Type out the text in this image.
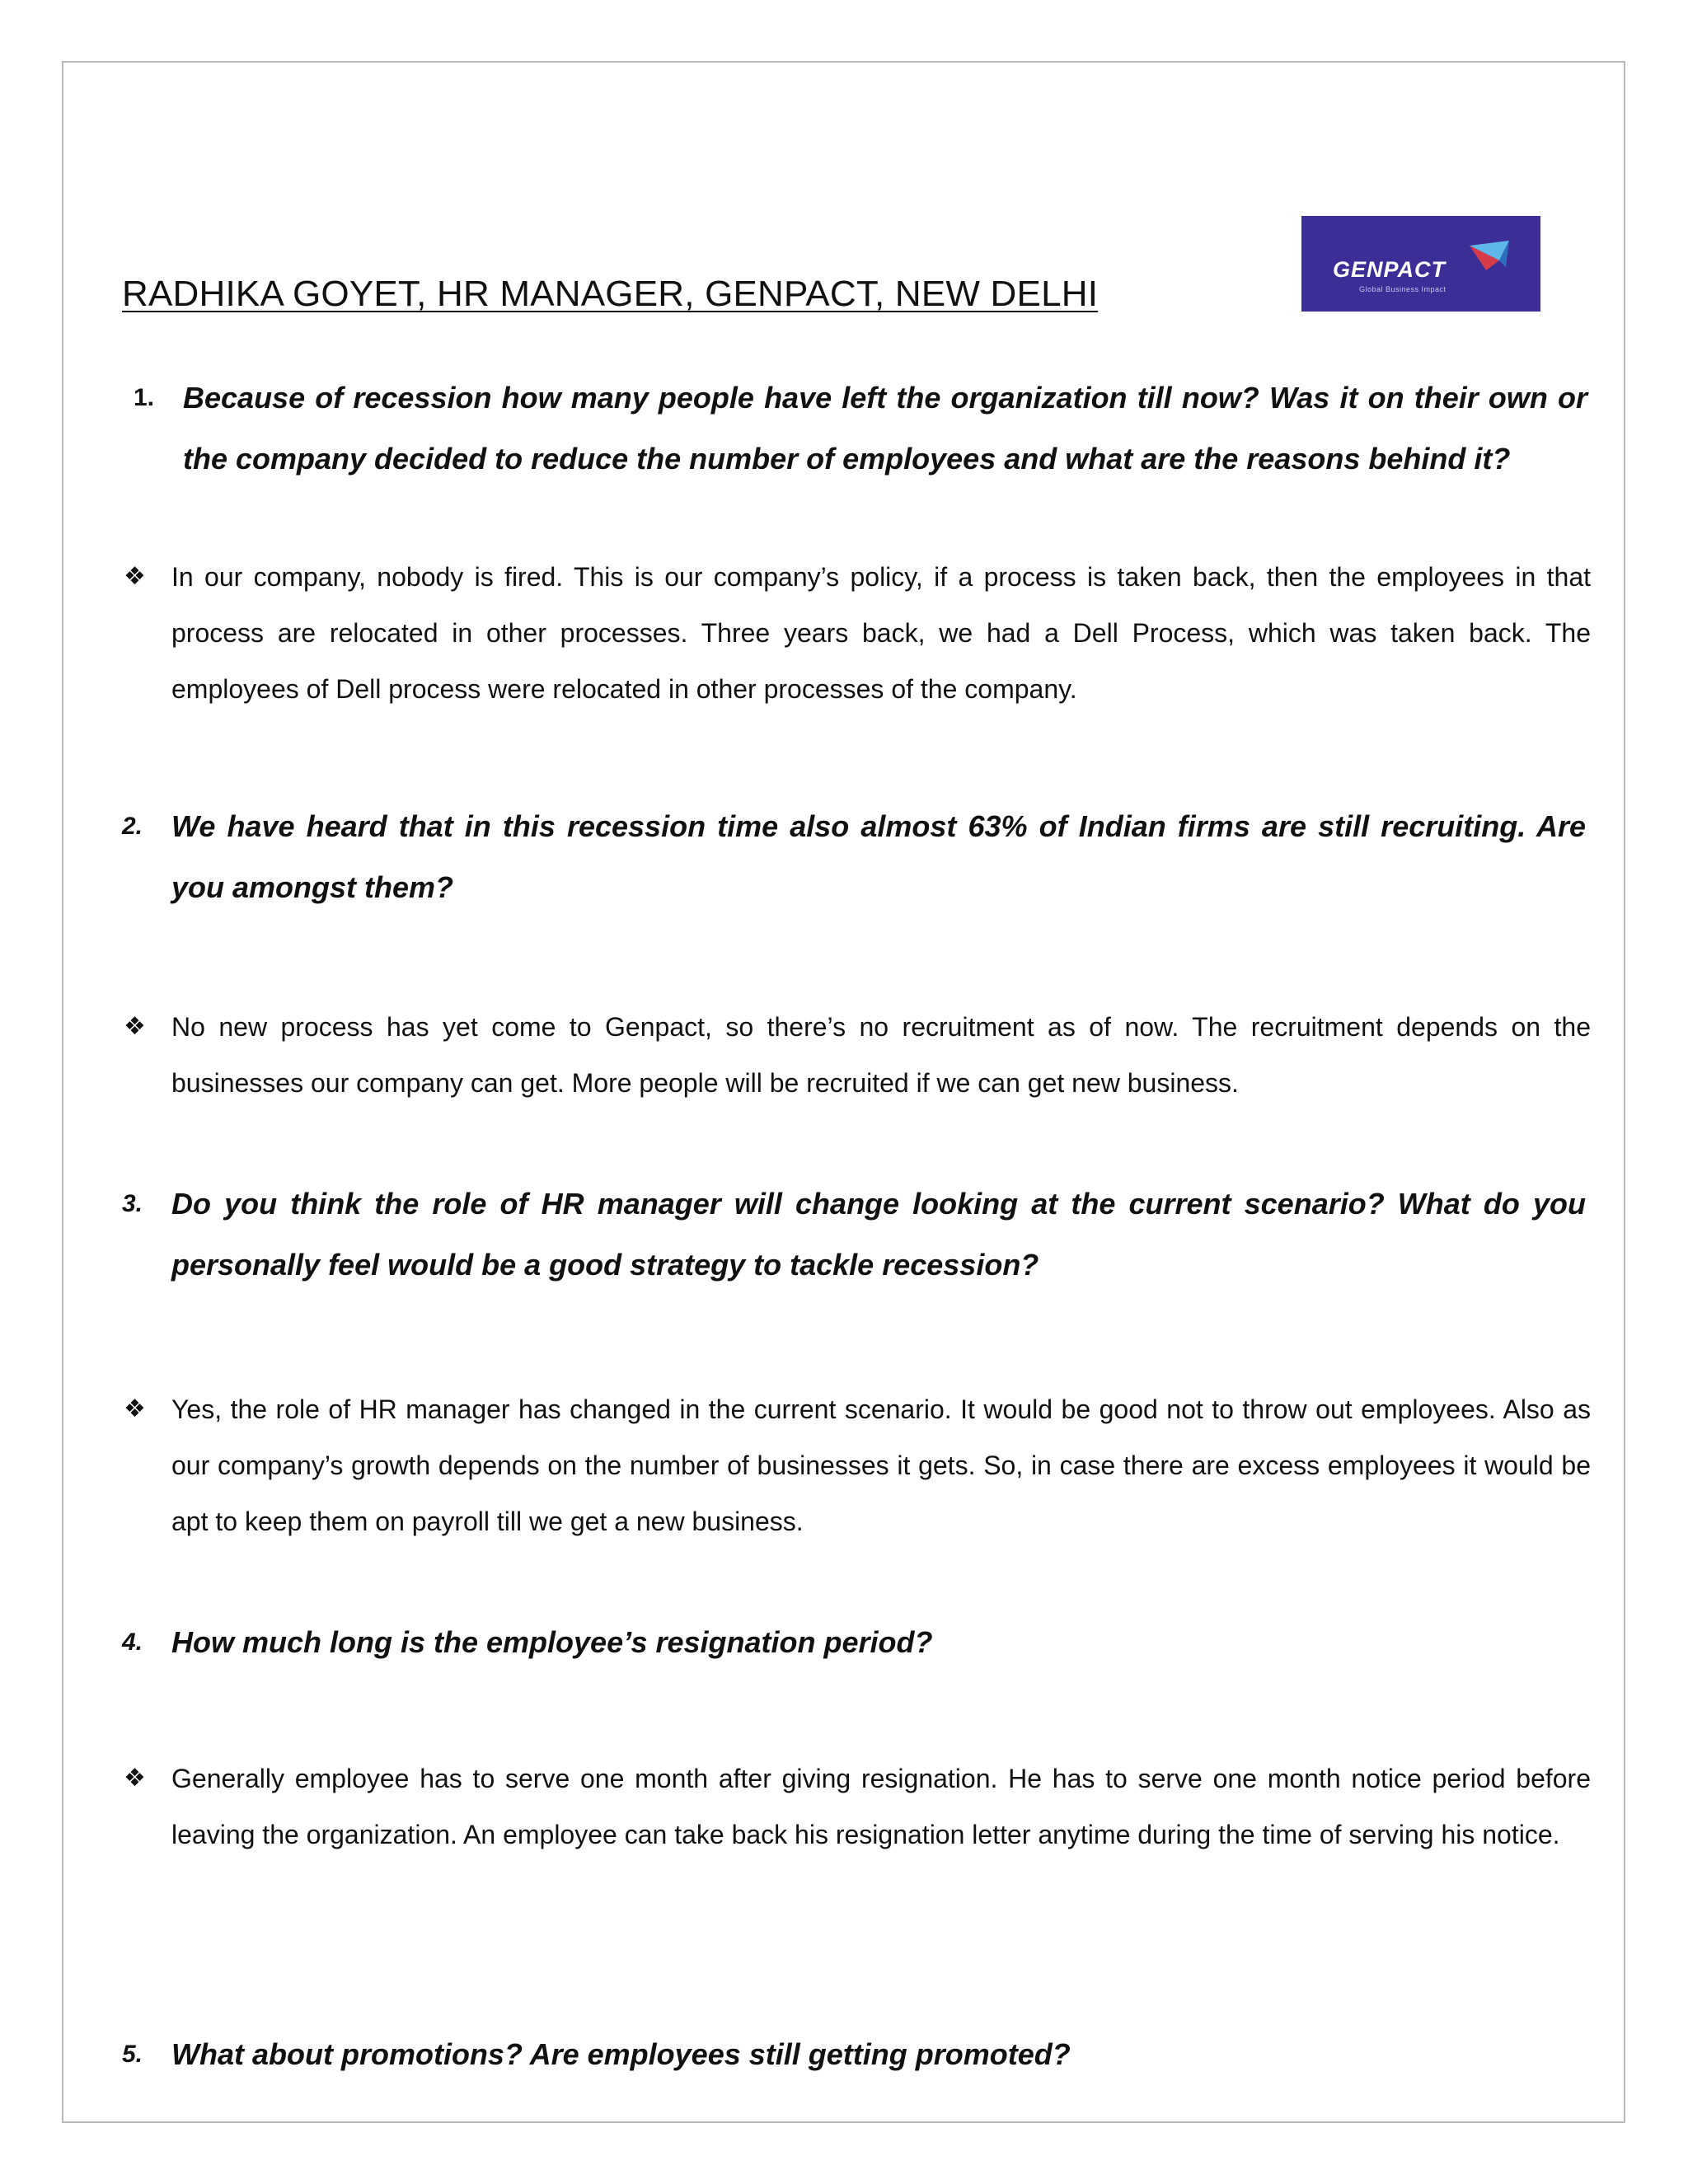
RADHIKA GOYET, HR MANAGER, GENPACT, NEW DELHI
GENPACT
Global Business Impact
1. Because of recession how many people have left the organization till now? Was it on their own or the company decided to reduce the number of employees and what are the reasons behind it?
❖ In our company, nobody is fired. This is our company’s policy, if a process is taken back, then the employees in that process are relocated in other processes. Three years back, we had a Dell Process, which was taken back. The employees of Dell process were relocated in other processes of the company.
2. We have heard that in this recession time also almost 63% of Indian firms are still recruiting. Are you amongst them?
❖ No new process has yet come to Genpact, so there’s no recruitment as of now. The recruitment depends on the businesses our company can get. More people will be recruited if we can get new business.
3. Do you think the role of HR manager will change looking at the current scenario? What do you personally feel would be a good strategy to tackle recession?
❖ Yes, the role of HR manager has changed in the current scenario. It would be good not to throw out employees. Also as our company’s growth depends on the number of businesses it gets. So, in case there are excess employees it would be apt to keep them on payroll till we get a new business.
4. How much long is the employee’s resignation period?
❖ Generally employee has to serve one month after giving resignation. He has to serve one month notice period before leaving the organization. An employee can take back his resignation letter anytime during the time of serving his notice.
5. What about promotions? Are employees still getting promoted?
